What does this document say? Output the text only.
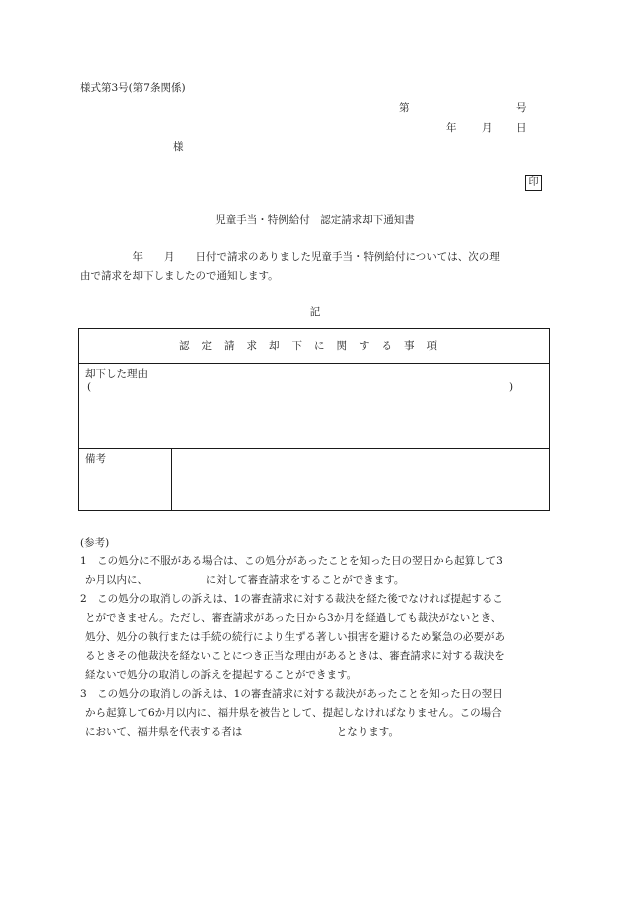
様式第3号(第7条関係)
第	号
年 月 日
様
印
児童手当・特例給付　認定請求却下通知書
　　　　　年　　月　　日付で請求のありました児童手当・特例給付については、次の理
由で請求を却下しましたので通知します。
記
認定請求却下に関する事項
却下した理由
(	)
備考
(参考)
1　この処分に不服がある場合は、この処分があったことを知った日の翌日から起算して3
か月以内に、　　　　　　に対して審査請求をすることができます。
2　この処分の取消しの訴えは、1の審査請求に対する裁決を経た後でなければ提起するこ
とができません。ただし、審査請求があった日から3か月を経過しても裁決がないとき、
処分、処分の執行または手続の続行により生ずる著しい損害を避けるため緊急の必要があ
るときその他裁決を経ないことにつき正当な理由があるときは、審査請求に対する裁決を
経ないで処分の取消しの訴えを提起することができます。
3　この処分の取消しの訴えは、1の審査請求に対する裁決があったことを知った日の翌日
から起算して6か月以内に、福井県を被告として、提起しなければなりません。この場合
において、福井県を代表する者は　　　　　　　　　となります。
